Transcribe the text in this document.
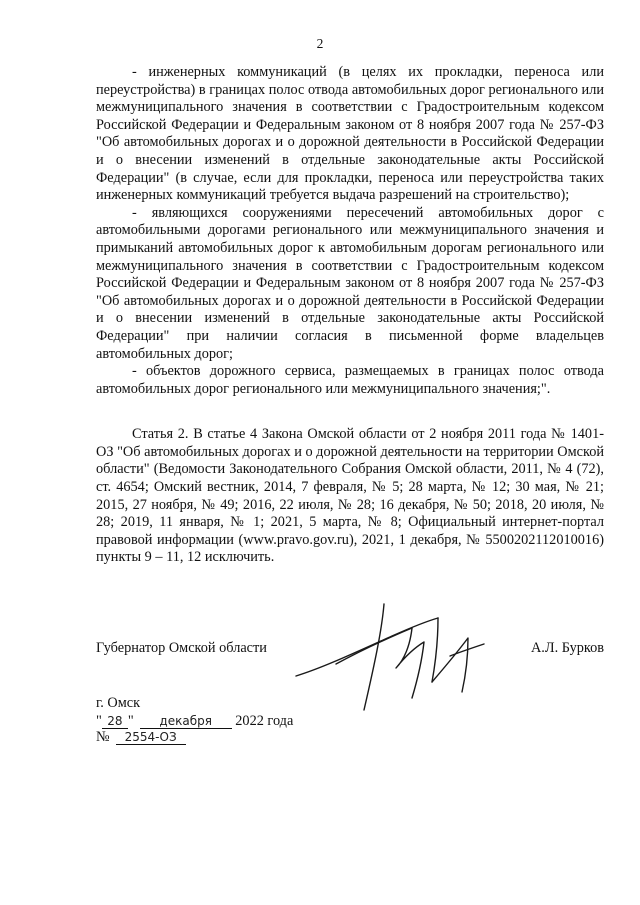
2

- инженерных коммуникаций (в целях их прокладки, переноса или переустройства) в границах полос отвода автомобильных дорог регионального или межмуниципального значения в соответствии с Градостроительным кодексом Российской Федерации и Федеральным законом от 8 ноября 2007 года № 257-ФЗ "Об автомобильных дорогах и о дорожной деятельности в Российской Федерации и о внесении изменений в отдельные законодательные акты Российской Федерации" (в случае, если для прокладки, переноса или переустройства таких инженерных коммуникаций требуется выдача разрешений на строительство);

- являющихся сооружениями пересечений автомобильных дорог с автомобильными дорогами регионального или межмуниципального значения и примыканий автомобильных дорог к автомобильным дорогам регионального или межмуниципального значения в соответствии с Градостроительным кодексом Российской Федерации и Федеральным законом от 8 ноября 2007 года № 257-ФЗ "Об автомобильных дорогах и о дорожной деятельности в Российской Федерации и о внесении изменений в отдельные законодательные акты Российской Федерации" при наличии согласия в письменной форме владельцев автомобильных дорог;

- объектов дорожного сервиса, размещаемых в границах полос отвода автомобильных дорог регионального или межмуниципального значения;".

Статья 2. В статье 4 Закона Омской области от 2 ноября 2011 года № 1401-ОЗ "Об автомобильных дорогах и о дорожной деятельности на территории Омской области" (Ведомости Законодательного Собрания Омской области, 2011, № 4 (72), ст. 4654; Омский вестник, 2014, 7 февраля, № 5; 28 марта, № 12; 30 мая, № 21; 2015, 27 ноября, № 49; 2016, 22 июля, № 28; 16 декабря, № 50; 2018, 20 июля, № 28; 2019, 11 января, № 1; 2021, 5 марта, № 8; Официальный интернет-портал правовой информации (www.pravo.gov.ru), 2021, 1 декабря, № 5500202112010016) пункты 9 – 11, 12 исключить.

Губернатор Омской области	А.Л. Бурков
г. Омск
" 28 " декабря 2022 года
№ 2554-ОЗ
